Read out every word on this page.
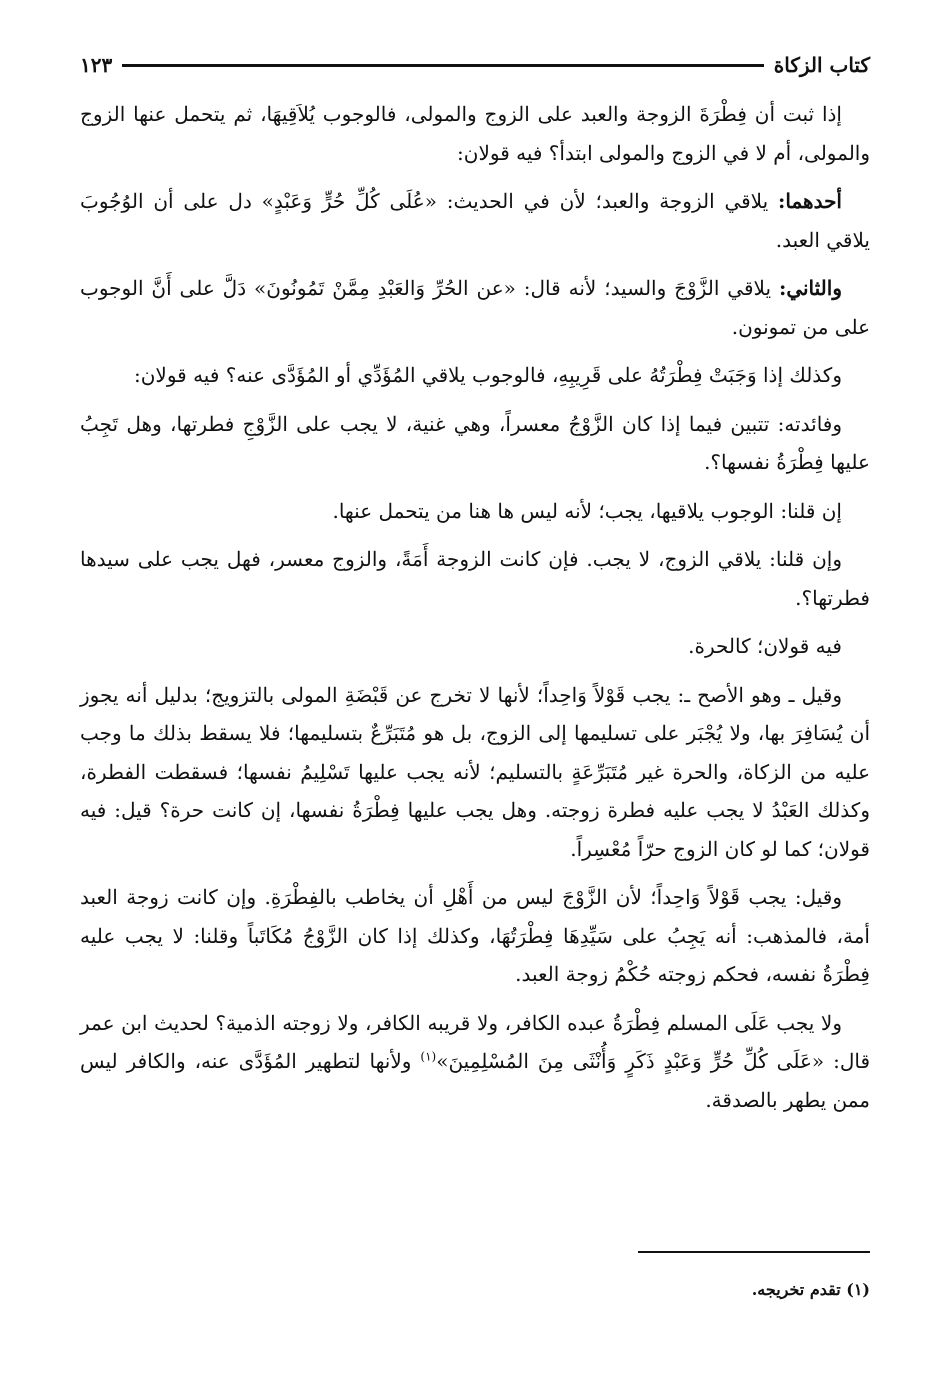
كتاب الزكاة
١٢٣

إذا ثبت أن فِطْرَةَ الزوجة والعبد على الزوج والمولى، فالوجوب يُلاَقِيهَا، ثم يتحمل عنها الزوج والمولى، أم لا في الزوج والمولى ابتدأ؟ فيه قولان:

أحدهما: يلاقي الزوجة والعبد؛ لأن في الحديث: «عُلَى كُلِّ حُرٍّ وَعَبْدٍ» دل على أن الوُجُوبَ يلاقي العبد.

والثاني: يلاقي الزَّوْجَ والسيد؛ لأنه قال: «عن الحُرِّ وَالعَبْدِ مِمَّنْ تَمُونُونَ» دَلَّ على أَنَّ الوجوب على من تمونون.

وكذلك إذا وَجَبَتْ فِطْرَتُهُ على قَرِيبِهِ، فالوجوب يلاقي المُؤَدِّي أو المُؤَدَّى عنه؟ فيه قولان:

وفائدته: تتبين فيما إذا كان الزَّوْجُ معسراً، وهي غنية، لا يجب على الزَّوْجِ فطرتها، وهل تَجِبُ عليها فِطْرَةُ نفسها؟.

إن قلنا: الوجوب يلاقيها، يجب؛ لأنه ليس ها هنا من يتحمل عنها.

وإن قلنا: يلاقي الزوج، لا يجب. فإن كانت الزوجة أَمَةً، والزوج معسر، فهل يجب على سيدها فطرتها؟.

فيه قولان؛ كالحرة.

وقيل ـ وهو الأصح ـ: يجب قَوْلاً وَاحِداً؛ لأنها لا تخرج عن قَبْضَةِ المولى بالتزويج؛ بدليل أنه يجوز أن يُسَافِرَ بها، ولا يُجْبَر على تسليمها إلى الزوج، بل هو مُتَبَرِّعٌ بتسليمها؛ فلا يسقط بذلك ما وجب عليه من الزكاة، والحرة غير مُتَبَرِّعَةٍ بالتسليم؛ لأنه يجب عليها تَسْلِيمُ نفسها؛ فسقطت الفطرة، وكذلك العَبْدُ لا يجب عليه فطرة زوجته. وهل يجب عليها فِطْرَةُ نفسها، إن كانت حرة؟ قيل: فيه قولان؛ كما لو كان الزوج حرّاً مُعْسِراً.

وقيل: يجب قَوْلاً وَاحِداً؛ لأن الزَّوْجَ ليس من أَهْلِ أن يخاطب بالفِطْرَةِ. وإن كانت زوجة العبد أمة، فالمذهب: أنه يَجِبُ على سَيِّدِهَا فِطْرَتُهَا، وكذلك إذا كان الزَّوْجُ مُكَاتَباً وقلنا: لا يجب عليه فِطْرَةُ نفسه، فحكم زوجته حُكْمُ زوجة العبد.

ولا يجب عَلَى المسلم فِطْرَةُ عبده الكافر، ولا قريبه الكافر، ولا زوجته الذمية؟ لحديث ابن عمر قال: «عَلَى كُلِّ حُرٍّ وَعَبْدٍ ذَكَرٍ وَأُنْثَى مِنَ المُسْلِمِينَ»$^{(١)}$ ولأنها لتطهير المُؤَدَّى عنه، والكافر ليس ممن يطهر بالصدقة.

(١) تقدم تخريجه.
